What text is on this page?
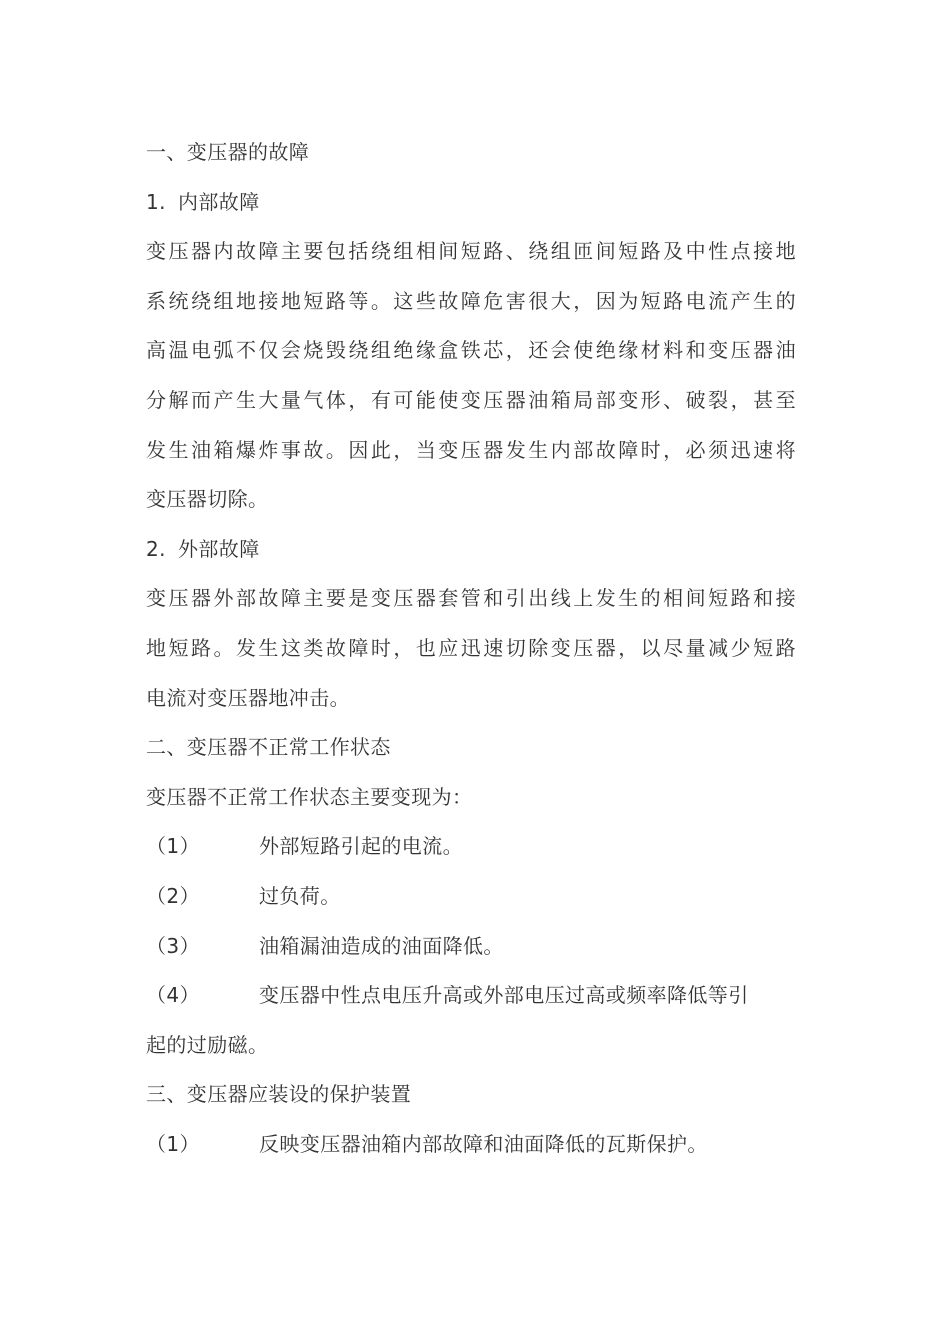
一、变压器的故障
1. 内部故障
变压器内故障主要包括绕组相间短路、绕组匝间短路及中性点接地
系统绕组地接地短路等。这些故障危害很大，因为短路电流产生的
高温电弧不仅会烧毁绕组绝缘盒铁芯，还会使绝缘材料和变压器油
分解而产生大量气体，有可能使变压器油箱局部变形、破裂，甚至
发生油箱爆炸事故。因此，当变压器发生内部故障时，必须迅速将
变压器切除。
2. 外部故障
变压器外部故障主要是变压器套管和引出线上发生的相间短路和接
地短路。发生这类故障时，也应迅速切除变压器，以尽量减少短路
电流对变压器地冲击。
二、变压器不正常工作状态
变压器不正常工作状态主要变现为：
（1）	外部短路引起的电流。
（2）	过负荷。
（3）	油箱漏油造成的油面降低。
（4）	变压器中性点电压升高或外部电压过高或频率降低等引
起的过励磁。
三、变压器应装设的保护装置
（1）	反映变压器油箱内部故障和油面降低的瓦斯保护。
